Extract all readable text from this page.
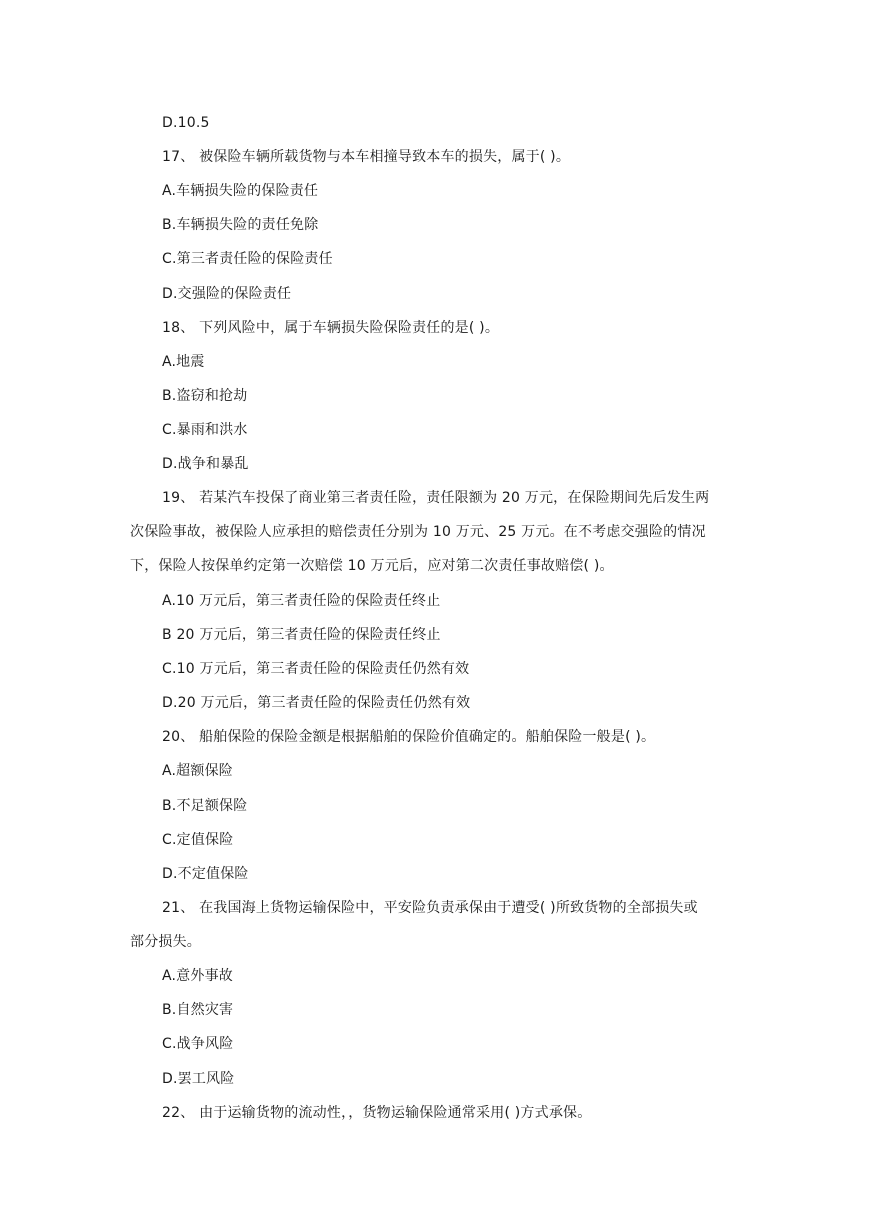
D.10.5
17、 被保险车辆所载货物与本车相撞导致本车的损失，属于( )。
A.车辆损失险的保险责任
B.车辆损失险的责任免除
C.第三者责任险的保险责任
D.交强险的保险责任
18、 下列风险中，属于车辆损失险保险责任的是( )。
A.地震
B.盗窃和抢劫
C.暴雨和洪水
D.战争和暴乱
19、 若某汽车投保了商业第三者责任险，责任限额为 20 万元，在保险期间先后发生两
次保险事故，被保险人应承担的赔偿责任分别为 10 万元、25 万元。在不考虑交强险的情况
下，保险人按保单约定第一次赔偿 10 万元后，应对第二次责任事故赔偿( )。
A.10 万元后，第三者责任险的保险责任终止
B 20 万元后，第三者责任险的保险责任终止
C.10 万元后，第三者责任险的保险责任仍然有效
D.20 万元后，第三者责任险的保险责任仍然有效
20、 船舶保险的保险金额是根据船舶的保险价值确定的。船舶保险一般是( )。
A.超额保险
B.不足额保险
C.定值保险
D.不定值保险
21、 在我国海上货物运输保险中，平安险负责承保由于遭受( )所致货物的全部损失或
部分损失。
A.意外事故
B.自然灾害
C.战争风险
D.罢工风险
22、 由于运输货物的流动性，，货物运输保险通常采用( )方式承保。
